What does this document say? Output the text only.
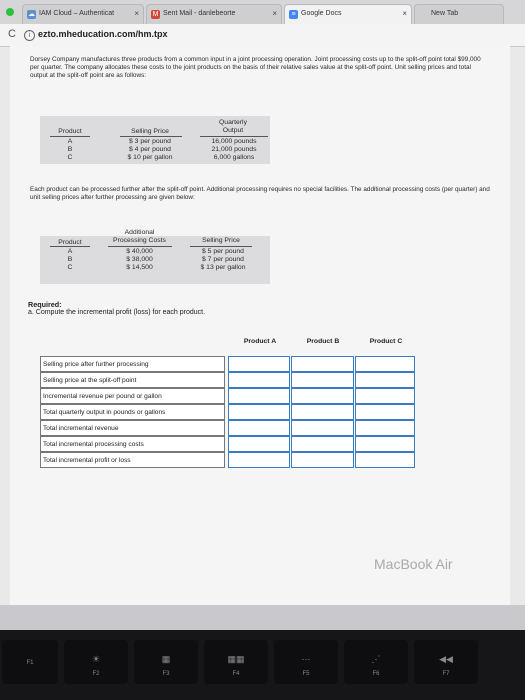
☁ IAM Cloud – Authenticat	× M Sent Mail - danlebeorte	×	≡ Google Docs	×	New Tab
C	i ezto.mheducation.com/hm.tpx
Dorsey Company manufactures three products from a common input in a joint processing operation. Joint processing costs up to the split-off point total $99,000 per quarter. The company allocates these costs to the joint products on the basis of their relative sales value at the split-off point. Unit selling prices and total output at the split-off point are as follows:
Product	Selling Price
Quarterly
Output
A	$ 3 per pound	16,000 pounds
B	$ 4 per pound	21,000 pounds
C	$ 10 per gallon	6,000 gallons
Each product can be processed further after the split-off point. Additional processing requires no special facilities. The additional processing costs (per quarter) and unit selling prices after further processing are given below:
Product
Additional
Processing Costs	Selling Price
A	$ 40,000	$ 5 per pound
B	$ 38,000	$ 7 per pound
C	$ 14,500	$ 13 per gallon
Required:
a. Compute the incremental profit (loss) for each product.
Product A	Product B	Product C
Selling price after further processing
Selling price at the split-off point
Incremental revenue per pound or gallon
Total quarterly output in pounds or gallons
Total incremental revenue
Total incremental processing costs
Total incremental profit or loss
MacBook Air
F1	☀
F2
▦
F3
▦▦
F4
⋯
F5
⋰
F6
◀◀
F7
